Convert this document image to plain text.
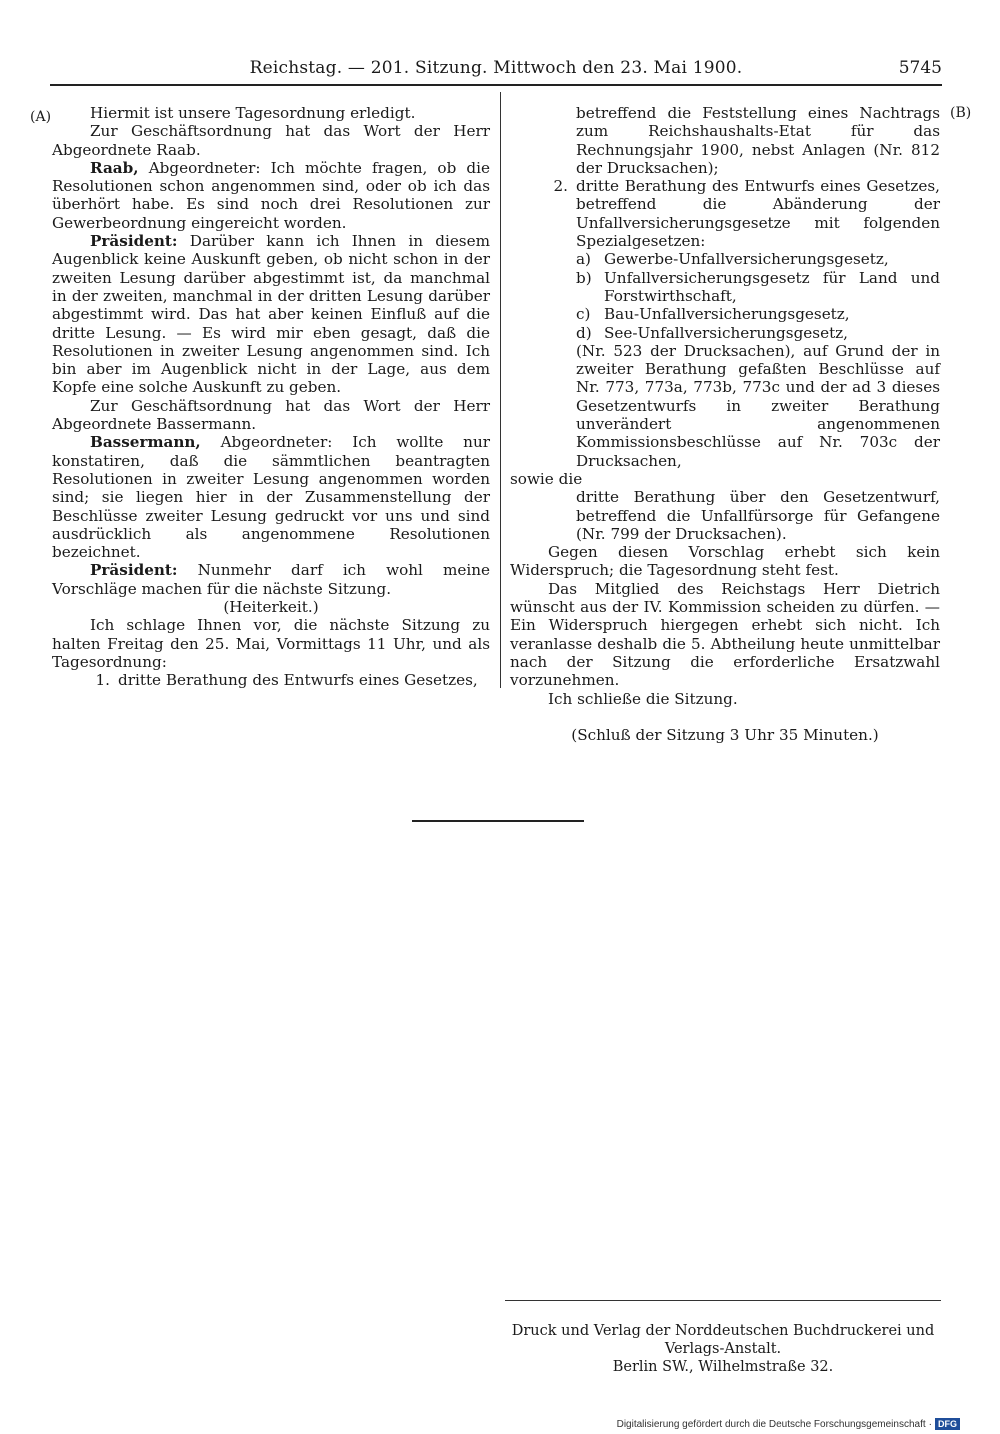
Reichstag. — 201. Sitzung. Mittwoch den 23. Mai 1900.	5745
(A)	(B)

Hiermit ist unsere Tagesordnung erledigt.

Zur Geschäftsordnung hat das Wort der Herr Abgeordnete Raab.

Raab, Abgeordneter: Ich möchte fragen, ob die Resolutionen schon angenommen sind, oder ob ich das überhört habe. Es sind noch drei Resolutionen zur Gewerbeordnung eingereicht worden.

Präsident: Darüber kann ich Ihnen in diesem Augenblick keine Auskunft geben, ob nicht schon in der zweiten Lesung darüber abgestimmt ist, da manchmal in der zweiten, manchmal in der dritten Lesung darüber abgestimmt wird. Das hat aber keinen Einfluß auf die dritte Lesung. — Es wird mir eben gesagt, daß die Resolutionen in zweiter Lesung angenommen sind. Ich bin aber im Augenblick nicht in der Lage, aus dem Kopfe eine solche Auskunft zu geben.

Zur Geschäftsordnung hat das Wort der Herr Abgeordnete Bassermann.

Bassermann, Abgeordneter: Ich wollte nur konstatiren, daß die sämmtlichen beantragten Resolutionen in zweiter Lesung angenommen worden sind; sie liegen hier in der Zusammenstellung der Beschlüsse zweiter Lesung gedruckt vor uns und sind ausdrücklich als angenommene Resolutionen bezeichnet.

Präsident: Nunmehr darf ich wohl meine Vorschläge machen für die nächste Sitzung.

(Heiterkeit.)

Ich schlage Ihnen vor, die nächste Sitzung zu halten Freitag den 25. Mai, Vormittags 11 Uhr, und als Tagesordnung:

1. dritte Berathung des Entwurfs eines Gesetzes,

betreffend die Feststellung eines Nachtrags zum Reichshaushalts-Etat für das Rechnungsjahr 1900, nebst Anlagen (Nr. 812 der Drucksachen);

2. dritte Berathung des Entwurfs eines Gesetzes, betreffend die Abänderung der Unfallversicherungsgesetze mit folgenden Spezialgesetzen:

a) Gewerbe-Unfallversicherungsgesetz,

b) Unfallversicherungsgesetz für Land und Forstwirthschaft,

c) Bau-Unfallversicherungsgesetz,

d) See-Unfallversicherungsgesetz,

(Nr. 523 der Drucksachen), auf Grund der in zweiter Berathung gefaßten Beschlüsse auf Nr. 773, 773a, 773b, 773c und der ad 3 dieses Gesetzentwurfs in zweiter Berathung unverändert angenommenen Kommissionsbeschlüsse auf Nr. 703c der Drucksachen,

sowie die

dritte Berathung über den Gesetzentwurf, betreffend die Unfallfürsorge für Gefangene (Nr. 799 der Drucksachen).

Gegen diesen Vorschlag erhebt sich kein Widerspruch; die Tagesordnung steht fest.

Das Mitglied des Reichstags Herr Dietrich wünscht aus der IV. Kommission scheiden zu dürfen. — Ein Widerspruch hiergegen erhebt sich nicht. Ich veranlasse deshalb die 5. Abtheilung heute unmittelbar nach der Sitzung die erforderliche Ersatzwahl vorzunehmen.

Ich schließe die Sitzung.

(Schluß der Sitzung 3 Uhr 35 Minuten.)

Druck und Verlag der Norddeutschen Buchdruckerei und Verlags-Anstalt.
Berlin SW., Wilhelmstraße 32.
Digitalisierung gefördert durch die Deutsche Forschungsgemeinschaft · DFG
